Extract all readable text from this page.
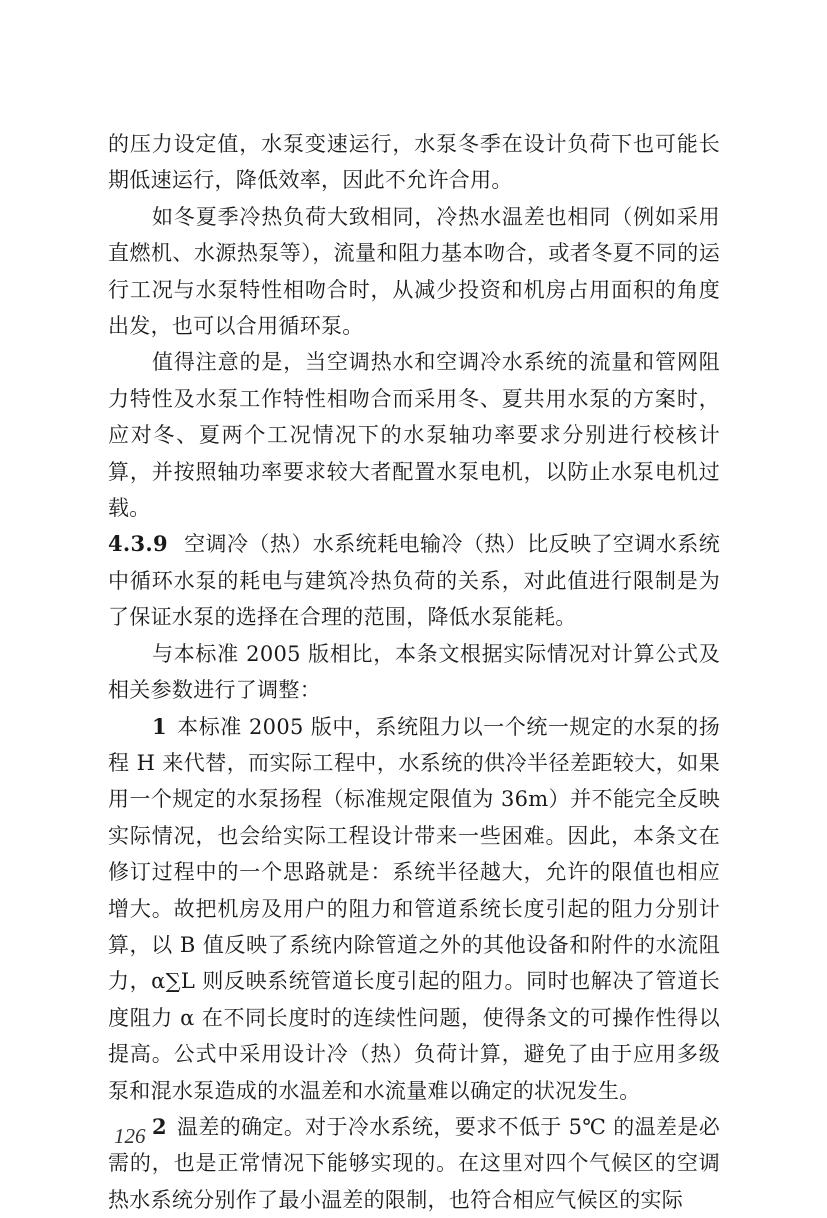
的压力设定值，水泵变速运行，水泵冬季在设计负荷下也可能长期低速运行，降低效率，因此不允许合用。

如冬夏季冷热负荷大致相同，冷热水温差也相同（例如采用直燃机、水源热泵等），流量和阻力基本吻合，或者冬夏不同的运行工况与水泵特性相吻合时，从减少投资和机房占用面积的角度出发，也可以合用循环泵。

值得注意的是，当空调热水和空调冷水系统的流量和管网阻力特性及水泵工作特性相吻合而采用冬、夏共用水泵的方案时，应对冬、夏两个工况情况下的水泵轴功率要求分别进行校核计算，并按照轴功率要求较大者配置水泵电机，以防止水泵电机过载。

4.3.9 空调冷（热）水系统耗电输冷（热）比反映了空调水系统中循环水泵的耗电与建筑冷热负荷的关系，对此值进行限制是为了保证水泵的选择在合理的范围，降低水泵能耗。

与本标准 2005 版相比，本条文根据实际情况对计算公式及相关参数进行了调整：

1 本标准 2005 版中，系统阻力以一个统一规定的水泵的扬程 H 来代替，而实际工程中，水系统的供冷半径差距较大，如果用一个规定的水泵扬程（标准规定限值为 36m）并不能完全反映实际情况，也会给实际工程设计带来一些困难。因此，本条文在修订过程中的一个思路就是：系统半径越大，允许的限值也相应增大。故把机房及用户的阻力和管道系统长度引起的阻力分别计算，以 B 值反映了系统内除管道之外的其他设备和附件的水流阻力，α∑L 则反映系统管道长度引起的阻力。同时也解决了管道长度阻力 α 在不同长度时的连续性问题，使得条文的可操作性得以提高。公式中采用设计冷（热）负荷计算，避免了由于应用多级泵和混水泵造成的水温差和水流量难以确定的状况发生。

2 温差的确定。对于冷水系统，要求不低于 5℃ 的温差是必需的，也是正常情况下能够实现的。在这里对四个气候区的空调热水系统分别作了最小温差的限制，也符合相应气候区的实际

126
